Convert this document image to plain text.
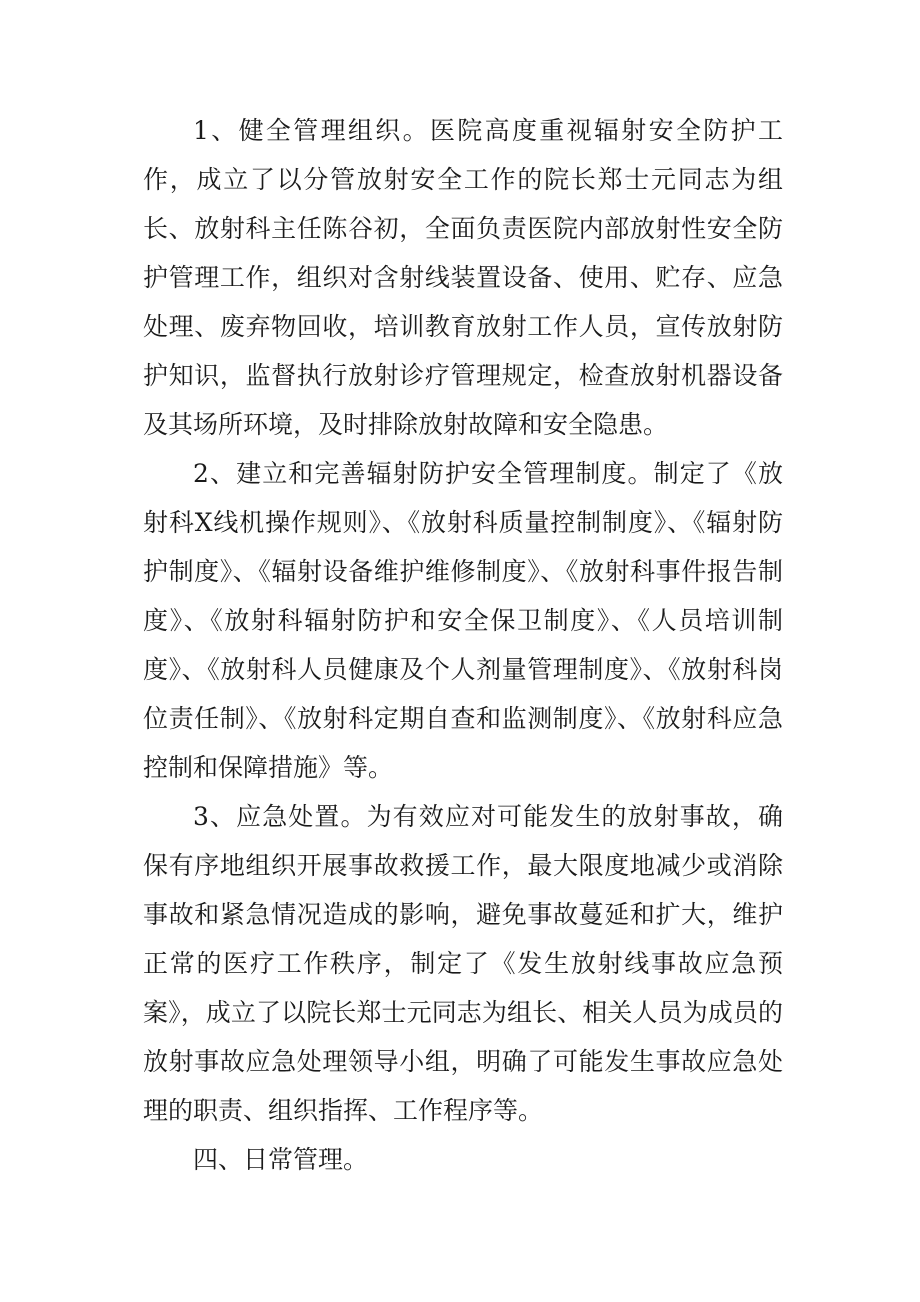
1、健全管理组织。医院高度重视辐射安全防护工作，成立了以分管放射安全工作的院长郑士元同志为组长、放射科主任陈谷初，全面负责医院内部放射性安全防护管理工作，组织对含射线装置设备、使用、贮存、应急处理、废弃物回收，培训教育放射工作人员，宣传放射防护知识，监督执行放射诊疗管理规定，检查放射机器设备及其场所环境，及时排除放射故障和安全隐患。

2、建立和完善辐射防护安全管理制度。制定了《放射科X线机操作规则》、《放射科质量控制制度》、《辐射防护制度》、《辐射设备维护维修制度》、《放射科事件报告制度》、《放射科辐射防护和安全保卫制度》、《人员培训制度》、《放射科人员健康及个人剂量管理制度》、《放射科岗位责任制》、《放射科定期自查和监测制度》、《放射科应急控制和保障措施》等。

3、应急处置。为有效应对可能发生的放射事故，确保有序地组织开展事故救援工作，最大限度地减少或消除事故和紧急情况造成的影响，避免事故蔓延和扩大，维护正常的医疗工作秩序，制定了《发生放射线事故应急预案》，成立了以院长郑士元同志为组长、相关人员为成员的放射事故应急处理领导小组，明确了可能发生事故应急处理的职责、组织指挥、工作程序等。

四、日常管理。
